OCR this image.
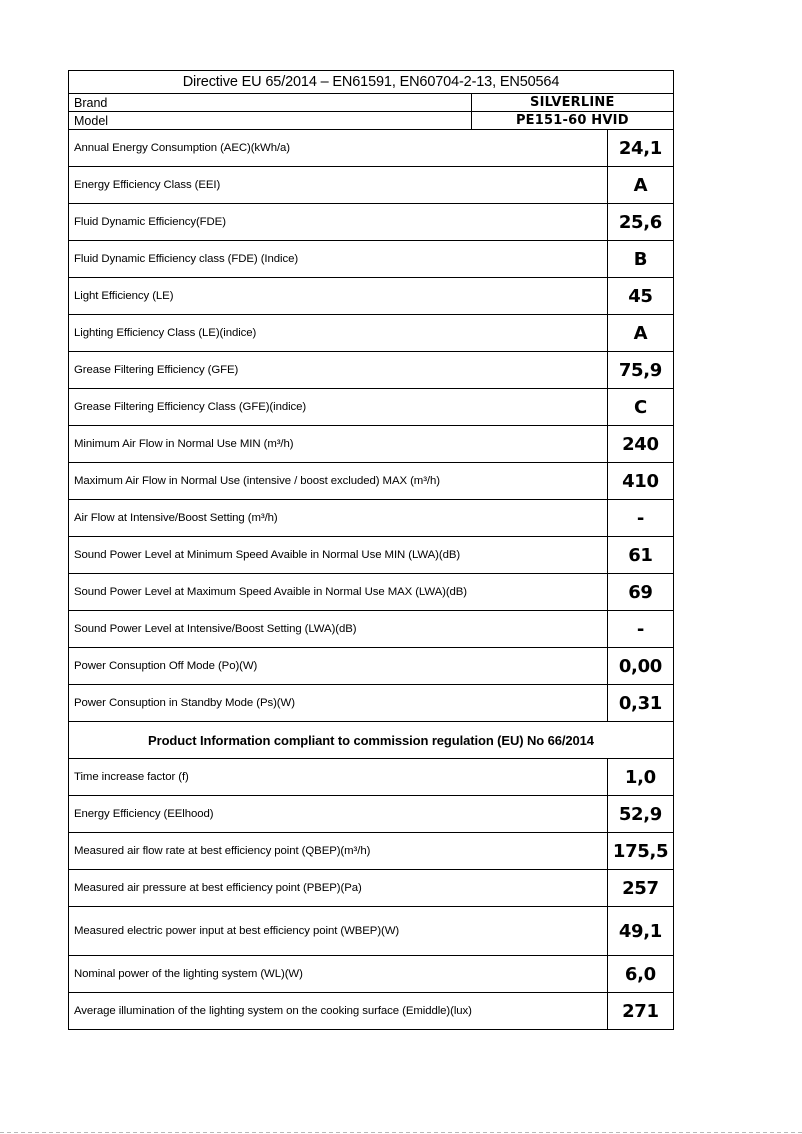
Directive EU 65/2014 – EN61591, EN60704-2-13, EN50564		
Brand	SILVERLINE	
Model	PE151-60 HVID	
Annual Energy Consumption (AEC)(kWh/a)		24,1
Energy Efficiency Class (EEI)		A
Fluid Dynamic Efficiency(FDE)		25,6
Fluid Dynamic Efficiency class (FDE) (Indice)		B
Light Efficiency (LE)		45
Lighting Efficiency Class (LE)(indice)		A
Grease Filtering Efficiency (GFE)		75,9
Grease Filtering Efficiency Class (GFE)(indice)		C
Minimum Air Flow in Normal Use MIN (m³/h)		240
Maximum Air Flow in Normal Use (intensive / boost excluded) MAX (m³/h)		410
Air Flow at Intensive/Boost Setting (m³/h)		-
Sound Power Level at Minimum Speed Avaible in Normal Use MIN (LWA)(dB)		61
Sound Power Level at Maximum Speed Avaible in Normal Use MAX (LWA)(dB)		69
Sound Power Level at Intensive/Boost Setting (LWA)(dB)		-
Power Consuption Off Mode (Po)(W)		0,00
Power Consuption in Standby Mode (Ps)(W)		0,31
Product Information compliant to commission regulation (EU) No 66/2014		
Time increase factor (f)		1,0
Energy Efficiency (EElhood)		52,9
Measured air flow rate at best efficiency point (QBEP)(m³/h)		175,5
Measured air pressure at best efficiency point (PBEP)(Pa)		257
Measured electric power input at best efficiency point (WBEP)(W)		49,1
Nominal power of the lighting system (WL)(W)		6,0
Average illumination of the lighting system on the cooking surface (Emiddle)(lux)		271
